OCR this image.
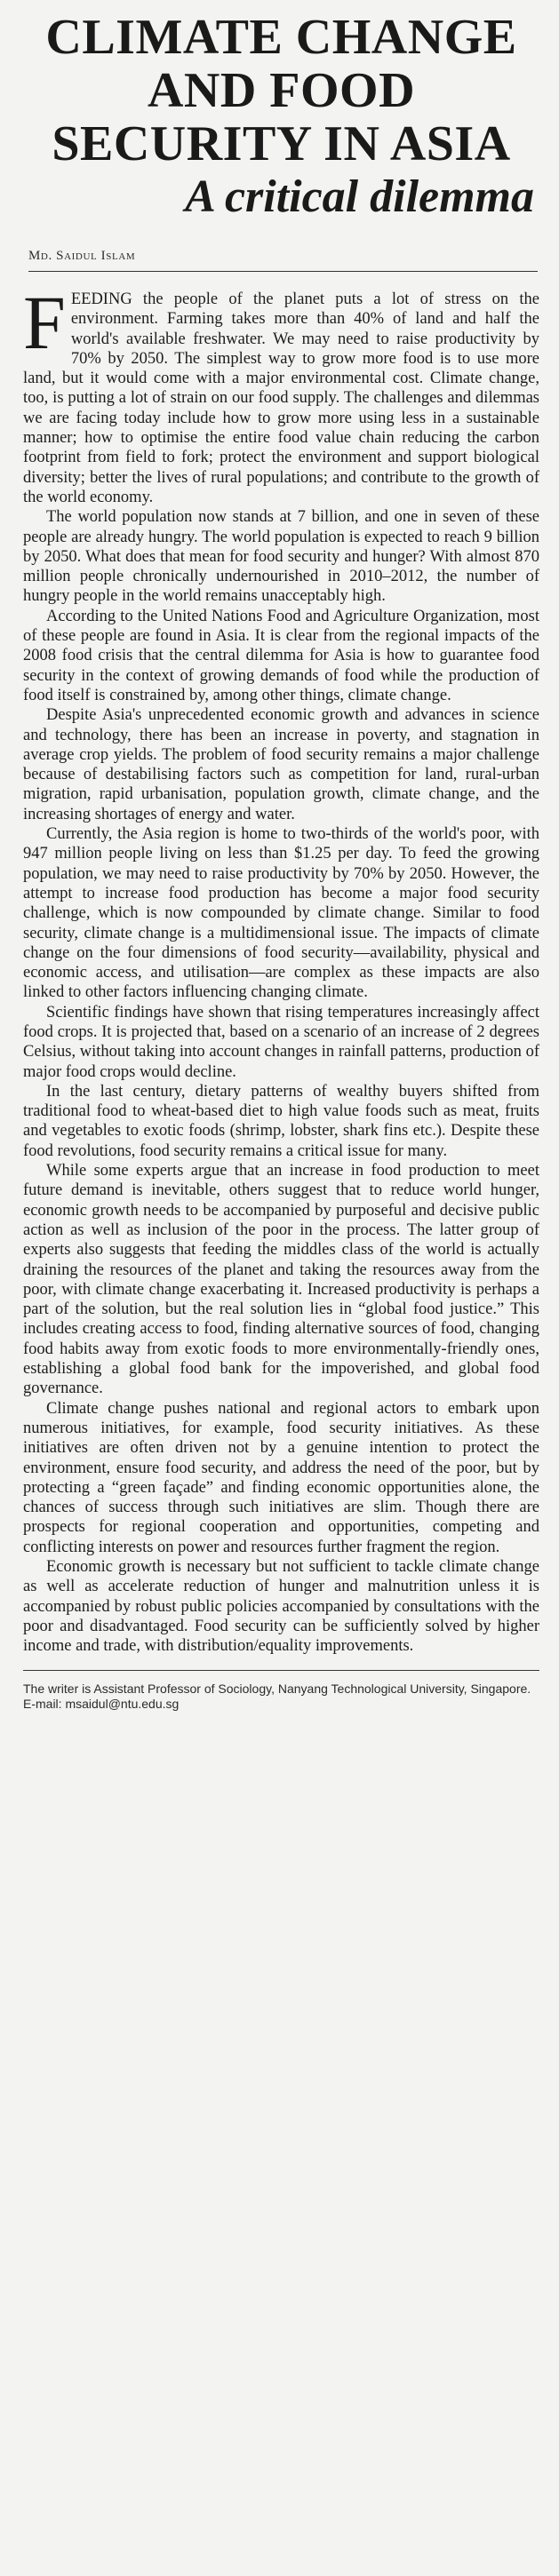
CLIMATE CHANGE
AND FOOD
SECURITY IN ASIA
A critical dilemma
Md. Saidul Islam

FEEDING the people of the planet puts a lot of stress on the environment. Farming takes more than 40% of land and half the world's available freshwater. We may need to raise productivity by 70% by 2050. The simplest way to grow more food is to use more land, but it would come with a major environmental cost. Climate change, too, is putting a lot of strain on our food supply. The challenges and dilemmas we are facing today include how to grow more using less in a sustainable manner; how to optimise the entire food value chain reducing the carbon footprint from field to fork; protect the environment and support biological diversity; better the lives of rural populations; and contribute to the growth of the world economy.

The world population now stands at 7 billion, and one in seven of these people are already hungry. The world population is expected to reach 9 billion by 2050. What does that mean for food security and hunger? With almost 870 million people chronically undernourished in 2010–2012, the number of hungry people in the world remains unacceptably high.

According to the United Nations Food and Agriculture Organization, most of these people are found in Asia. It is clear from the regional impacts of the 2008 food crisis that the central dilemma for Asia is how to guarantee food security in the context of growing demands of food while the production of food itself is constrained by, among other things, climate change.

Despite Asia's unprecedented economic growth and advances in science and technology, there has been an increase in poverty, and stagnation in average crop yields. The problem of food security remains a major challenge because of destabilising factors such as competition for land, rural-urban migration, rapid urbanisation, population growth, climate change, and the increasing shortages of energy and water.

Currently, the Asia region is home to two-thirds of the world's poor, with 947 million people living on less than $1.25 per day. To feed the growing population, we may need to raise productivity by 70% by 2050. However, the attempt to increase food production has become a major food security challenge, which is now compounded by climate change. Similar to food security, climate change is a multidimensional issue. The impacts of climate change on the four dimensions of food security—availability, physical and economic access, and utilisation—are complex as these impacts are also linked to other factors influencing changing climate.

Scientific findings have shown that rising temperatures increasingly affect food crops. It is projected that, based on a scenario of an increase of 2 degrees Celsius, without taking into account changes in rainfall patterns, production of major food crops would decline.

In the last century, dietary patterns of wealthy buyers shifted from traditional food to wheat-based diet to high value foods such as meat, fruits and vegetables to exotic foods (shrimp, lobster, shark fins etc.). Despite these food revolutions, food security remains a critical issue for many.

While some experts argue that an increase in food production to meet future demand is inevitable, others suggest that to reduce world hunger, economic growth needs to be accompanied by purposeful and decisive public action as well as inclusion of the poor in the process. The latter group of experts also suggests that feeding the middles class of the world is actually draining the resources of the planet and taking the resources away from the poor, with climate change exacerbating it. Increased productivity is perhaps a part of the solution, but the real solution lies in “global food justice.” This includes creating access to food, finding alternative sources of food, changing food habits away from exotic foods to more environmentally-friendly ones, establishing a global food bank for the impoverished, and global food governance.

Climate change pushes national and regional actors to embark upon numerous initiatives, for example, food security initiatives. As these initiatives are often driven not by a genuine intention to protect the environment, ensure food security, and address the need of the poor, but by protecting a “green façade” and finding economic opportunities alone, the chances of success through such initiatives are slim. Though there are prospects for regional cooperation and opportunities, competing and conflicting interests on power and resources further fragment the region.

Economic growth is necessary but not sufficient to tackle climate change as well as accelerate reduction of hunger and malnutrition unless it is accompanied by robust public policies accompanied by consultations with the poor and disadvantaged. Food security can be sufficiently solved by higher income and trade, with distribution/equality improvements.

The writer is Assistant Professor of Sociology, Nanyang Technological University, Singapore.
E-mail: msaidul@ntu.edu.sg
